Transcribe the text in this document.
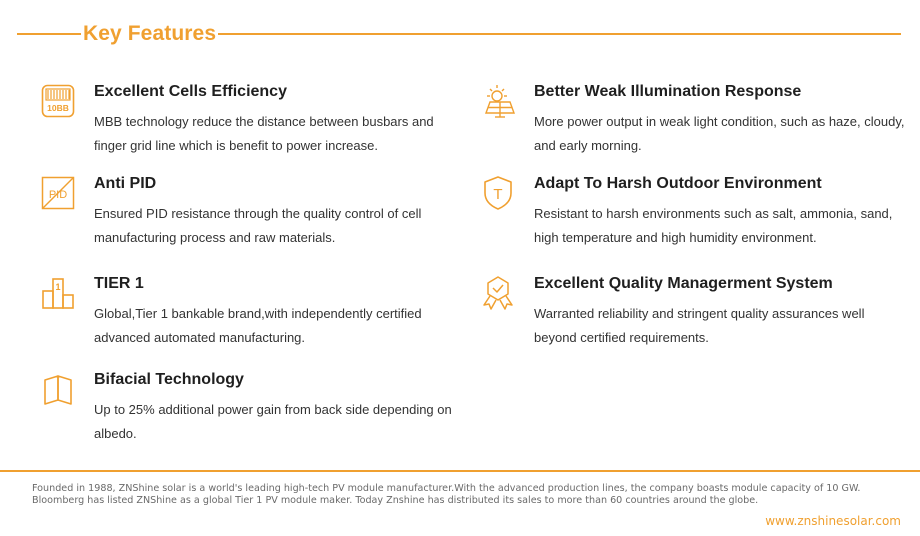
Key Features
10BB
Excellent Cells Efficiency
MBB technology reduce the distance between busbars and finger grid line which is benefit to power increase.
PID
Anti PID
Ensured PID resistance through the quality control of cell manufacturing process and raw materials.
1 TIER 1
Global,Tier 1 bankable brand,with independently certified advanced automated manufacturing.
Bifacial Technology
Up to 25% additional power gain from back side depending on albedo.
Better Weak Illumination Response
More power output in weak light condition, such as haze, cloudy, and early morning.
T
Adapt To Harsh Outdoor Environment
Resistant to harsh environments such as salt, ammonia, sand, high temperature and high humidity environment.
Excellent Quality Managerment System
Warranted reliability and stringent quality assurances well beyond certified requirements.
Founded in 1988, ZNShine solar is a world's leading high-tech PV module manufacturer.With the advanced production lines, the company boasts module capacity of 10 GW. Bloomberg has listed ZNShine as a global Tier 1 PV module maker. Today Znshine has distributed its sales to more than 60 countries around the globe.
www.znshinesolar.com
